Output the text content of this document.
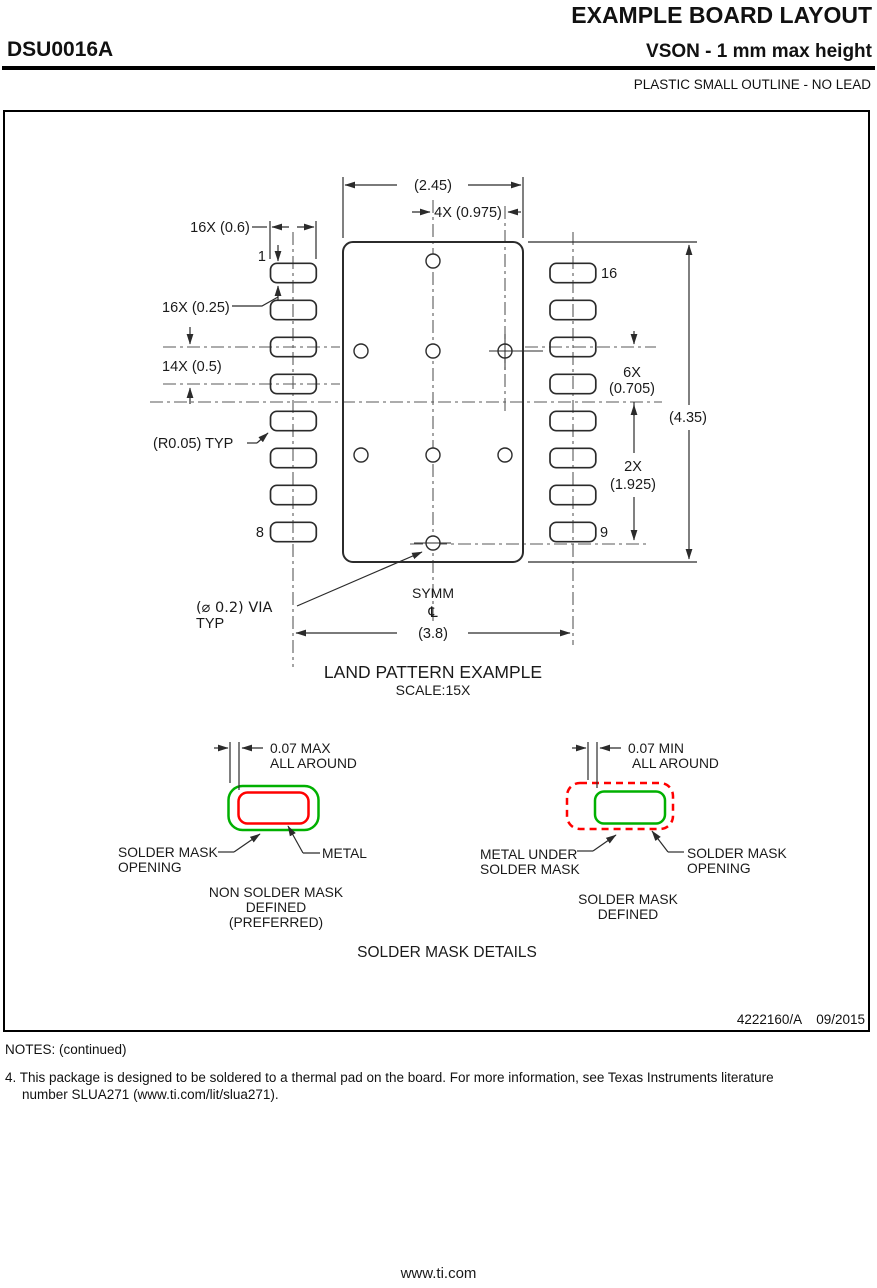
EXAMPLE BOARD LAYOUT
DSU0016A	VSON - 1 mm max height
PLASTIC SMALL OUTLINE - NO LEAD
(2.45)
4X (0.975)
16X (0.6)
16X (0.25)
14X (0.5)
1
16
8	9
6X
(0.705)
(4.35)
2X
(1.925)
(R0.05) TYP
(⌀ 0.2) VIA
TYP
SYMM
℄
(3.8)
LAND PATTERN EXAMPLE
SCALE:15X
0.07 MAX
ALL AROUND
SOLDER MASK
OPENING
METAL
NON SOLDER MASK
DEFINED
(PREFERRED)
0.07 MIN
ALL AROUND
METAL UNDER
SOLDER MASK
SOLDER MASK
OPENING
SOLDER MASK
DEFINED
SOLDER MASK DETAILS
4222160/A 09/2015
NOTES: (continued)
4. This package is designed to be soldered to a thermal pad on the board. For more information, see Texas Instruments literature
number SLUA271 (www.ti.com/lit/slua271).
www.ti.com
